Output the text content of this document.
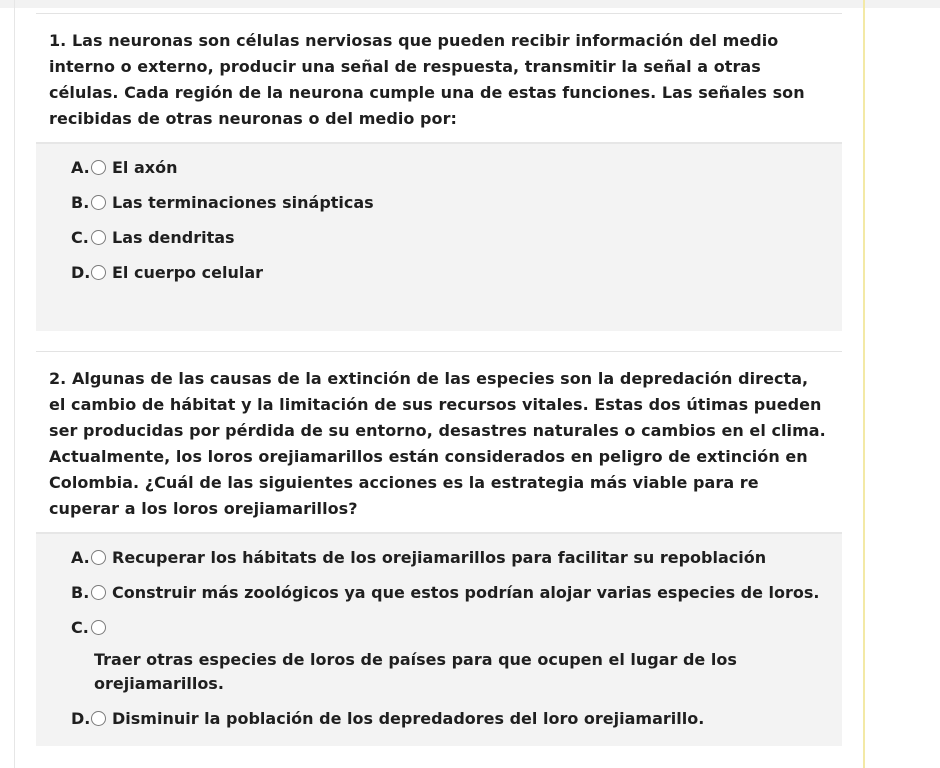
1. Las neuronas son células nerviosas que pueden recibir información del medio interno o externo, producir una señal de respuesta, transmitir la señal a otras células. Cada región de la neurona cumple una de estas funciones. Las señales son recibidas de otras neuronas o del medio por:
A. El axón
B. Las terminaciones sinápticas
C. Las dendritas
D. El cuerpo celular
2. Algunas de las causas de la extinción de las especies son la depredación directa, el cambio de hábitat y la limitación de sus recursos vitales. Estas dos útimas pueden ser producidas por pérdida de su entorno, desastres naturales o cambios en el clima. Actualmente, los loros orejiamarillos están considerados en peligro de extinción en Colombia. ¿Cuál de las siguientes acciones es la estrategia más viable para re cuperar a los loros orejiamarillos?
A. Recuperar los hábitats de los orejiamarillos para facilitar su repoblación
B. Construir más zoológicos ya que estos podrían alojar varias especies de loros.
C.
Traer otras especies de loros de países para que ocupen el lugar de los orejiamarillos.
D. Disminuir la población de los depredadores del loro orejiamarillo.
